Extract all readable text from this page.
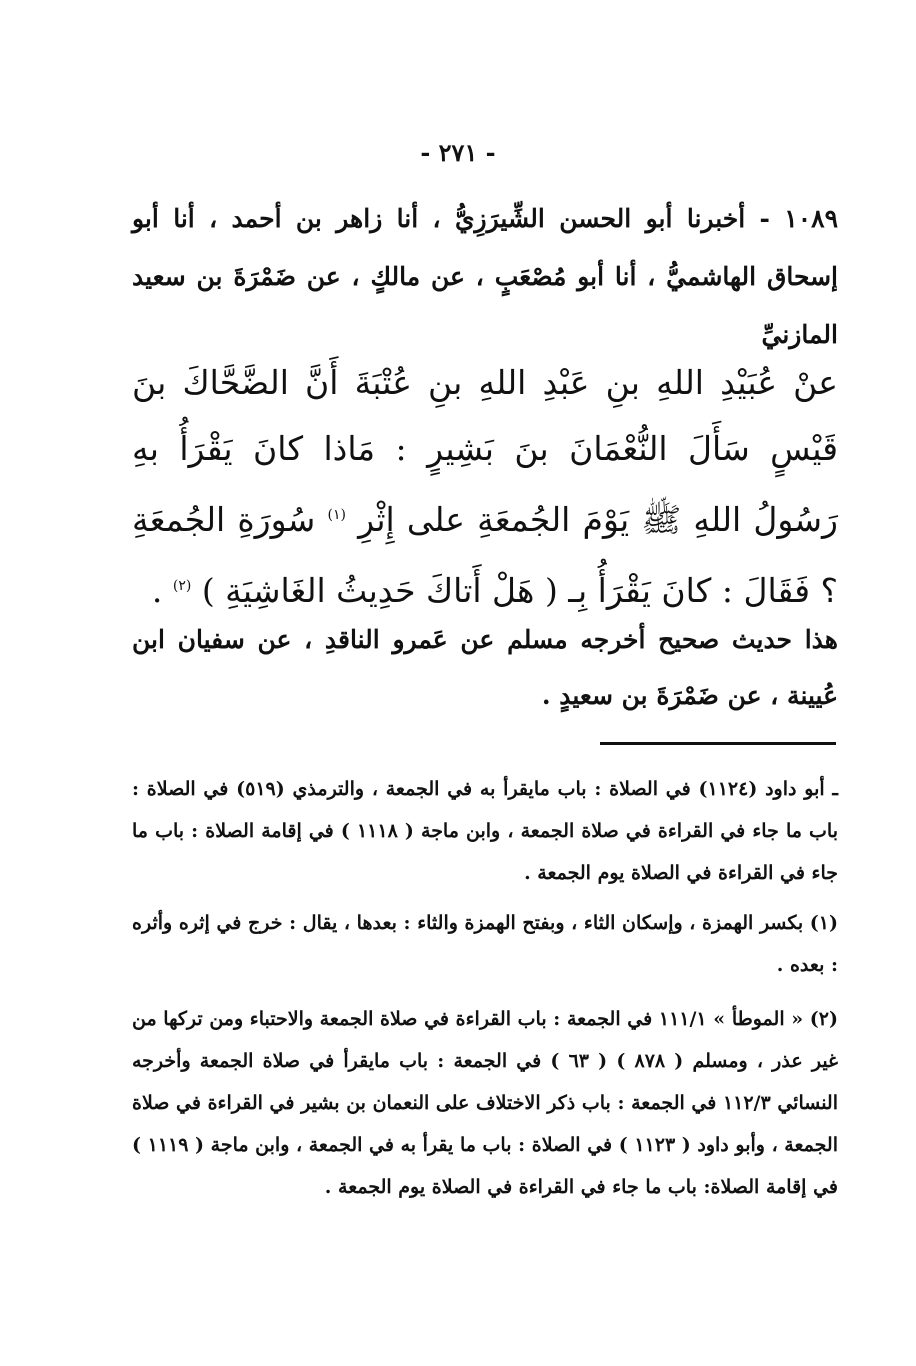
- ٢٧١ -
١٠٨٩ - أخبرنا أبو الحسن الشِّيرَزِيُّ ، أنا زاهر بن أحمد ، أنا أبو إسحاق الهاشميُّ ، أنا أبو مُصْعَبٍ ، عن مالكٍ ، عن ضَمْرَةَ بن سعيد المازنيِّ
عنْ عُبَيْدِ اللهِ بنِ عَبْدِ اللهِ بنِ عُتْبَةَ أَنَّ الضَّحَّاكَ بنَ قَيْسٍ سَأَلَ النُّعْمَانَ بنَ بَشِيرٍ : مَاذا كانَ يَقْرَأُ بهِ رَسُولُ اللهِ ﷺ يَوْمَ الجُمعَةِ على إِثْرِ $^{(١)}$ سُورَةِ الجُمعَةِ ؟ فَقَالَ : كانَ يَقْرَأُ بِـ ( هَلْ أَتاكَ حَدِيثُ الغَاشِيَةِ ) $^{(٢)}$ .
هذا حديث صحيح أخرجه مسلم عن عَمرو الناقدِ ، عن سفيان ابن عُيينة ، عن ضَمْرَةَ بن سعيدٍ .
ـ أبو داود (١١٢٤) في الصلاة : باب مايقرأ به في الجمعة ، والترمذي (٥١٩) في الصلاة : باب ما جاء في القراءة في صلاة الجمعة ، وابن ماجة ( ١١١٨ ) في إقامة الصلاة : باب ما جاء في القراءة في الصلاة يوم الجمعة .
(١) بكسر الهمزة ، وإسكان الثاء ، وبفتح الهمزة والثاء : بعدها ، يقال : خرج في إثره وأثره : بعده .
(٢) « الموطأ » ١١١/١ في الجمعة : باب القراءة في صلاة الجمعة والاحتباء ومن تركها من غير عذر ، ومسلم ( ٨٧٨ ) ( ٦٣ ) في الجمعة : باب مايقرأ في صلاة الجمعة وأخرجه النسائي ١١٢/٣ في الجمعة : باب ذكر الاختلاف على النعمان بن بشير في القراءة في صلاة الجمعة ، وأبو داود ( ١١٢٣ ) في الصلاة : باب ما يقرأ به في الجمعة ، وابن ماجة ( ١١١٩ ) في إقامة الصلاة: باب ما جاء في القراءة في الصلاة يوم الجمعة .
